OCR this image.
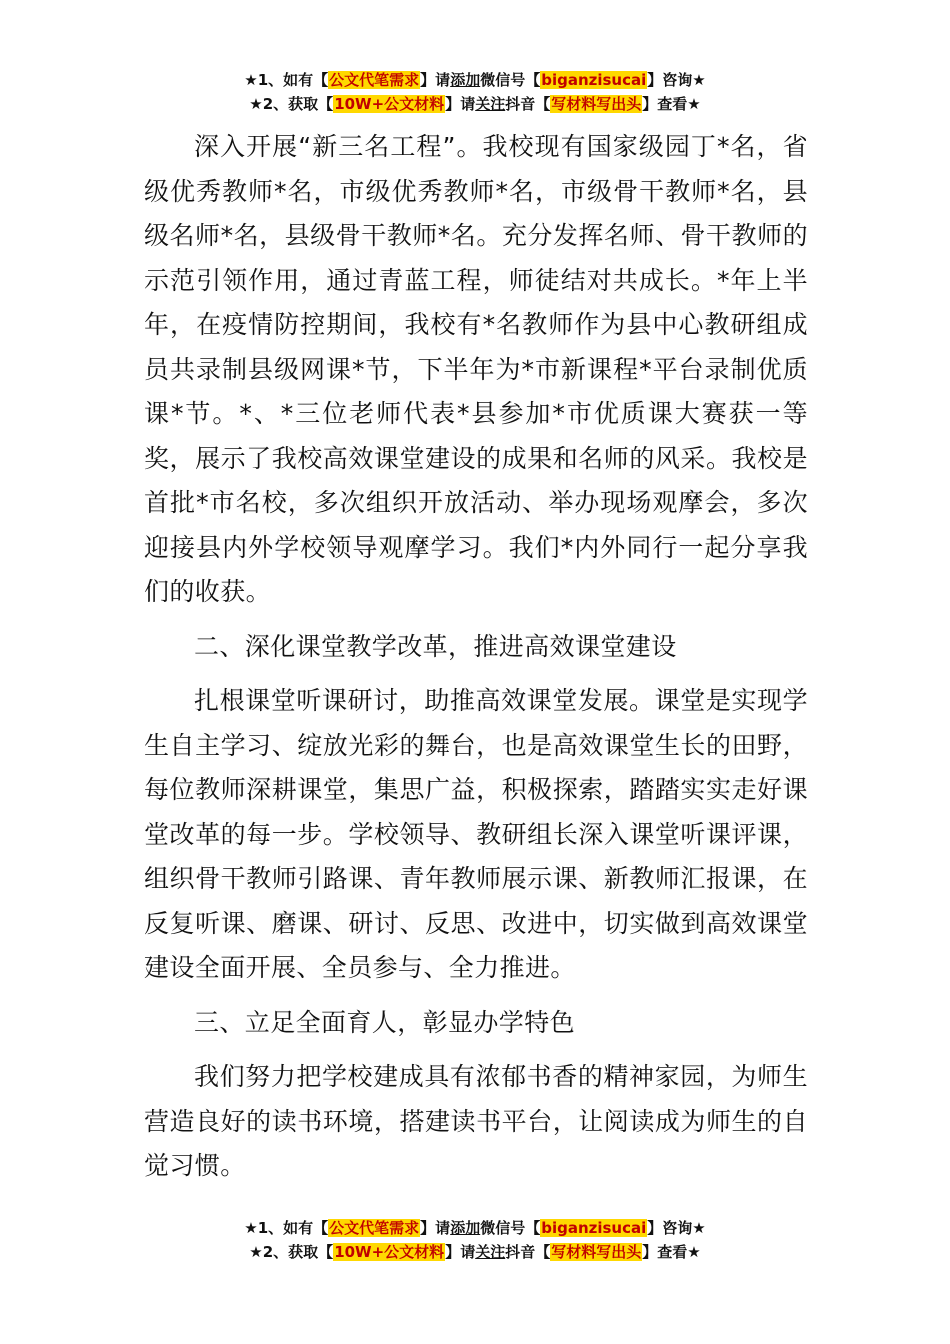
★1、如有【公文代笔需求】请添加微信号【biganzisucai】咨询★
★2、获取【10W+公文材料】请关注抖音【写材料写出头】查看★

深入开展“新三名工程”。我校现有国家级园丁*名，省级优秀教师*名，市级优秀教师*名，市级骨干教师*名，县级名师*名，县级骨干教师*名。充分发挥名师、骨干教师的示范引领作用，通过青蓝工程，师徒结对共成长。*年上半年，在疫情防控期间，我校有*名教师作为县中心教研组成员共录制县级网课*节，下半年为*市新课程*平台录制优质课*节。*、*三位老师代表*县参加*市优质课大赛获一等奖，展示了我校高效课堂建设的成果和名师的风采。我校是首批*市名校，多次组织开放活动、举办现场观摩会，多次迎接县内外学校领导观摩学习。我们*内外同行一起分享我们的收获。

二、深化课堂教学改革，推进高效课堂建设

扎根课堂听课研讨，助推高效课堂发展。课堂是实现学生自主学习、绽放光彩的舞台，也是高效课堂生长的田野，每位教师深耕课堂，集思广益，积极探索，踏踏实实走好课堂改革的每一步。学校领导、教研组长深入课堂听课评课，组织骨干教师引路课、青年教师展示课、新教师汇报课，在反复听课、磨课、研讨、反思、改进中，切实做到高效课堂建设全面开展、全员参与、全力推进。

三、立足全面育人，彰显办学特色

我们努力把学校建成具有浓郁书香的精神家园，为师生营造良好的读书环境，搭建读书平台，让阅读成为师生的自觉习惯。

★1、如有【公文代笔需求】请添加微信号【biganzisucai】咨询★
★2、获取【10W+公文材料】请关注抖音【写材料写出头】查看★
